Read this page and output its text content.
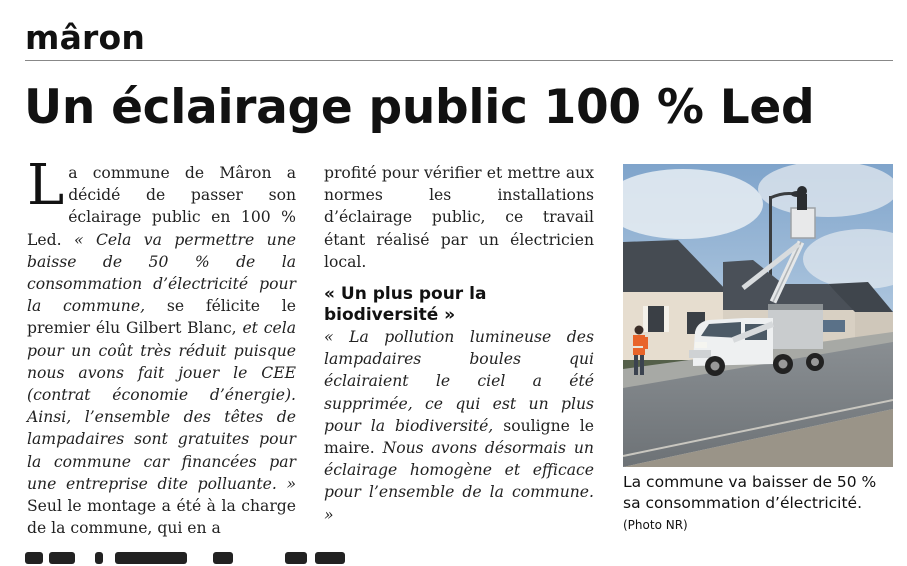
mâron
Un éclairage public 100 % Led

La commune de Mâron a décidé de passer son éclairage public en 100 % Led. « Cela va permettre une baisse de 50 % de la consommation d’électricité pour la commune, se félicite le premier élu Gilbert Blanc, et cela pour un coût très réduit puisque nous avons fait jouer le CEE (contrat économie d’énergie). Ainsi, l’ensemble des têtes de lampadaires sont gratuites pour la commune car financées par une entreprise dite polluante. » Seul le montage a été à la charge de la commune, qui en a

profité pour vérifier et mettre aux normes les installations d’éclairage public, ce travail étant réalisé par un électricien local.

« Un plus pour la biodiversité »

« La pollution lumineuse des lampadaires boules qui éclairaient le ciel a été supprimée, ce qui est un plus pour la biodiversité, souligne le maire. Nous avons désormais un éclairage homogène et efficace pour l’ensemble de la commune. »

La commune va baisser de 50 % sa consommation d’électricité. (Photo NR)
